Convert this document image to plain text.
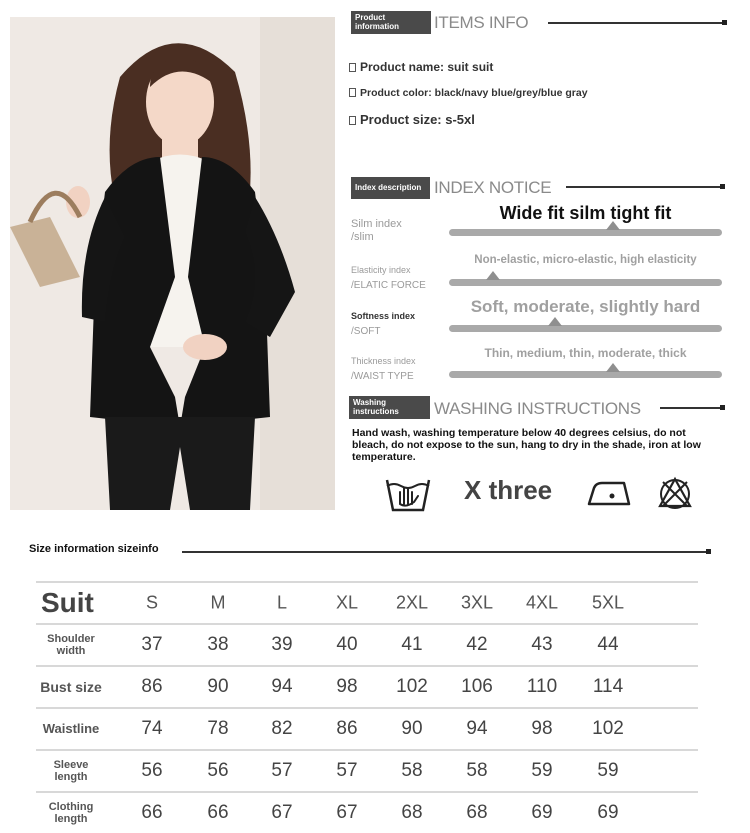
Product information	ITEMS INFO
Product name: suit suit
Product color: black/navy blue/grey/blue gray
Product size: s-5xl
Index description INDEX NOTICE
Silm index
/slim
Wide fit silm tight fit
Elasticity index
/ELATIC FORCE
Non-elastic, micro-elastic, high elasticity
Softness index
/SOFT
Soft, moderate, slightly hard
Thickness index
/WAIST TYPE
Thin, medium, thin, moderate, thick
Washing instructions	WASHING INSTRUCTIONS
Hand wash, washing temperature below 40 degrees celsius, do not bleach, do not expose to the sun, hang to dry in the shade, iron at low temperature.
X three
Size information sizeinfo
Suit	S	M	L	XL	2XL	3XL	4XL	5XL
Shoulder width	37	38	39	40	41	42	43	44
Bust size	86	90	94	98	102	106	110	114
Waistline	74	78	82	86	90	94	98	102
Sleeve length	56	56	57	57	58	58	59	59
Clothing length	66	66	67	67	68	68	69	69
